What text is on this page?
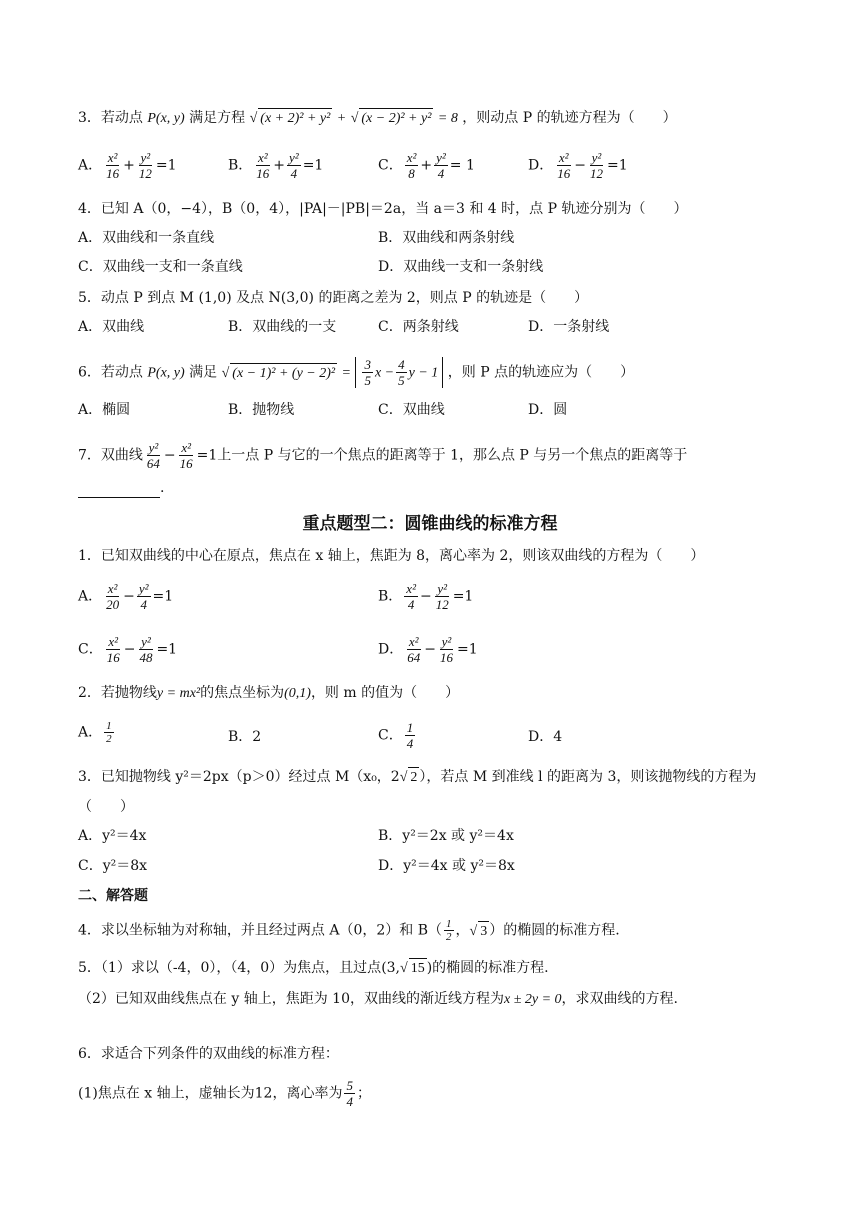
3．若动点 P(x, y) 满足方程 √ (x + 2)² + y² + √ (x − 2)² + y² = 8 ，则动点 P 的轨迹方程为（　　）
A． $\frac{\text{x²}}{16} + \frac{\text{y²}}{12} =1$	B． $\frac{\text{x²}}{16} + \frac{\text{y²}}{4} =1$	C． $\frac{\text{x²}}{8} + \frac{\text{y²}}{4} = 1$	D． $\frac{\text{x²}}{16} - \frac{\text{y²}}{12} =1$
4．已知 A（0，−4），B（0，4），|PA|－|PB|＝2a，当 a＝3 和 4 时，点 P 轨迹分别为（　　）
A．双曲线和一条直线	B．双曲线和两条射线
C．双曲线一支和一条直线	D．双曲线一支和一条射线
5．动点 P 到点 M (1,0) 及点 N(3,0) 的距离之差为 2，则点 P 的轨迹是（　　）
A．双曲线	B．双曲线的一支	C．两条射线	D．一条射线
6．若动点 P(x, y) 满足 √ $(x - 1)^2 + (y - 2)^2 = \frac{3}{5}$ $x - \frac{4}{5}$ y − 1 ，则 P 点的轨迹应为（　　）
A．椭圆	B．抛物线	C．双曲线	D．圆
7．双曲线 $\frac{\text{y²}}{64} - \frac{\text{x²}}{16} =1$上一点 P 与它的一个焦点的距离等于 1，那么点 P 与另一个焦点的距离等于
.
重点题型二：圆锥曲线的标准方程
1．已知双曲线的中心在原点，焦点在 x 轴上，焦距为 8，离心率为 2，则该双曲线的方程为（　　）
A． $\frac{\text{x²}}{20} - \frac{\text{y²}}{4} =1$	B． $\frac{\text{x²}}{4} - \frac{\text{y²}}{12} =1$
C． $\frac{\text{x²}}{16} - \frac{\text{y²}}{48} =1$	D． $\frac{\text{x²}}{64} - \frac{\text{y²}}{16} =1$
2．若抛物线y = mx²的焦点坐标为(0,1)，则 m 的值为（　　）
A． $\frac{1}{2}$	B．2	C． $\frac{1}{4}$	D．4
3．已知抛物线 y²＝2px（p＞0）经过点 M（x₀，2√ 2 ），若点 M 到准线 l 的距离为 3，则该抛物线的方程为
（　　）
A．y²＝4x	B．y²＝2x 或 y²＝4x
C．y²＝8x	D．y²＝4x 或 y²＝8x
二、解答题
4．求以坐标轴为对称轴，并且经过两点 A（0，2）和 $B( \frac{1}{2}$ ，√ 3 ）的椭圆的标准方程.
5．（1）求以（-4，0），（4，0）为焦点，且过点(3,√ 15 )的椭圆的标准方程.
（2）已知双曲线焦点在 y 轴上，焦距为 10，双曲线的渐近线方程为x ± 2y = 0，求双曲线的方程.
6．求适合下列条件的双曲线的标准方程：
(1)焦点在 x 轴上，虚轴长为12，离心率为 $\frac{5}{4}$ ；
